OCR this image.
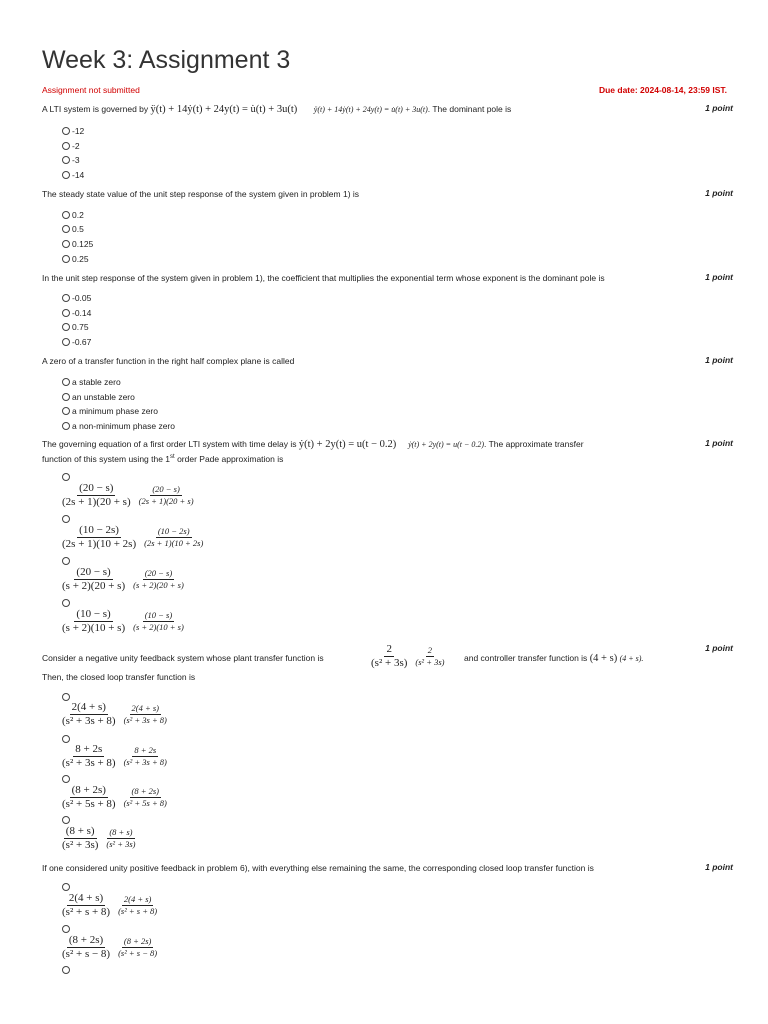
Week 3: Assignment 3
Assignment not submitted	Due date: 2024-08-14, 23:59 IST.
A LTI system is governed by ÿ(t) + 14ẏ(t) + 24y(t) = u̇(t) + 3u(t) ÿ(t) + 14ẏ(t) + 24y(t) = u̇(t) + 3u(t). The dominant pole is	1 point
-12
-2
-3
-14
The steady state value of the unit step response of the system given in problem 1) is	1 point
0.2
0.5
0.125
0.25
In the unit step response of the system given in problem 1), the coefficient that multiplies the exponential term whose exponent is the dominant pole is	1 point
-0.05
-0.14
0.75
-0.67
A zero of a transfer function in the right half complex plane is called	1 point
a stable zero
an unstable zero
a minimum phase zero
a non-minimum phase zero
The governing equation of a first order LTI system with time delay is ẏ(t) + 2y(t) = u(t − 0.2) ẏ(t) + 2y(t) = u(t − 0.2). The approximate transfer
function of this system using the 1st order Pade approximation is
1 point
(20 − s)
(2s + 1)(20 + s)
(20 − s)
(2s + 1)(20 + s)
(10 − 2s)
(2s + 1)(10 + 2s)
(10 − 2s)
(2s + 1)(10 + 2s)
(20 − s)
(s + 2)(20 + s)
(20 − s)
(s + 2)(20 + s)
(10 − s)
(s + 2)(10 + s)
(10 − s)
(s + 2)(10 + s)
Consider a negative unity feedback system whose plant transfer function is
2
(s² + 3s)
2
(s² + 3s) and controller transfer function is (4 + s) (4 + s).
Then, the closed loop transfer function is
1 point
2(4 + s)
(s² + 3s + 8)
2(4 + s)
(s² + 3s + 8)
8 + 2s
(s² + 3s + 8)
8 + 2s
(s² + 3s + 8)
(8 + 2s)
(s² + 5s + 8)
(8 + 2s)
(s² + 5s + 8)
(8 + s)
(s² + 3s)
(8 + s)
(s² + 3s)
If one considered unity positive feedback in problem 6), with everything else remaining the same, the corresponding closed loop transfer function is	1 point
2(4 + s)
(s² + s + 8)
2(4 + s)
(s² + s + 8)
(8 + 2s)
(s² + s − 8)
(8 + 2s)
(s² + s − 8)
